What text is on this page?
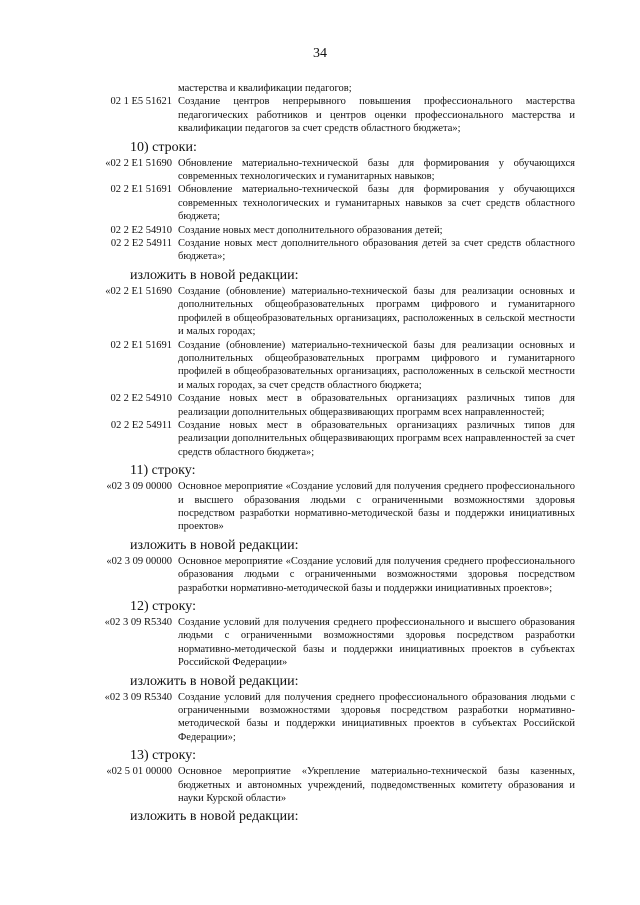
34
мастерства и квалификации педагогов;
02 1 Е5 51621 Создание центров непрерывного повышения профессионального мастерства педагогических работников и центров оценки профессионального мастерства и квалификации педагогов за счет средств областного бюджета»;
10) строки:
«02 2 Е1 51690 Обновление материально-технической базы для формирования у обучающихся современных технологических и гуманитарных навыков;
02 2 Е1 51691 Обновление материально-технической базы для формирования у обучающихся современных технологических и гуманитарных навыков за счет средств областного бюджета;
02 2 Е2 54910 Создание новых мест дополнительного образования детей;
02 2 Е2 54911 Создание новых мест дополнительного образования детей за счет средств областного бюджета»;
изложить в новой редакции:
«02 2 Е1 51690 Создание (обновление) материально-технической базы для реализации основных и дополнительных общеобразовательных программ цифрового и гуманитарного профилей в общеобразовательных организациях, расположенных в сельской местности и малых городах;
02 2 Е1 51691 Создание (обновление) материально-технической базы для реализации основных и дополнительных общеобразовательных программ цифрового и гуманитарного профилей в общеобразовательных организациях, расположенных в сельской местности и малых городах, за счет средств областного бюджета;
02 2 Е2 54910 Создание новых мест в образовательных организациях различных типов для реализации дополнительных общеразвивающих программ всех направленностей;
02 2 Е2 54911 Создание новых мест в образовательных организациях различных типов для реализации дополнительных общеразвивающих программ всех направленностей за счет средств областного бюджета»;
11) строку:
«02 3 09 00000 Основное мероприятие «Создание условий для получения среднего профессионального и высшего образования людьми с ограниченными возможностями здоровья посредством разработки нормативно-методической базы и поддержки инициативных проектов»
изложить в новой редакции:
«02 3 09 00000 Основное мероприятие «Создание условий для получения среднего профессионального образования людьми с ограниченными возможностями здоровья посредством разработки нормативно-методической базы и поддержки инициативных проектов»;
12) строку:
«02 3 09 R5340 Создание условий для получения среднего профессионального и высшего образования людьми с ограниченными возможностями здоровья посредством разработки нормативно-методической базы и поддержки инициативных проектов в субъектах Российской Федерации»
изложить в новой редакции:
«02 3 09 R5340 Создание условий для получения среднего профессионального образования людьми с ограниченными возможностями здоровья посредством разработки нормативно-методической базы и поддержки инициативных проектов в субъектах Российской Федерации»;
13) строку:
«02 5 01 00000 Основное мероприятие «Укрепление материально-технической базы казенных, бюджетных и автономных учреждений, подведомственных комитету образования и науки Курской области»
изложить в новой редакции:
